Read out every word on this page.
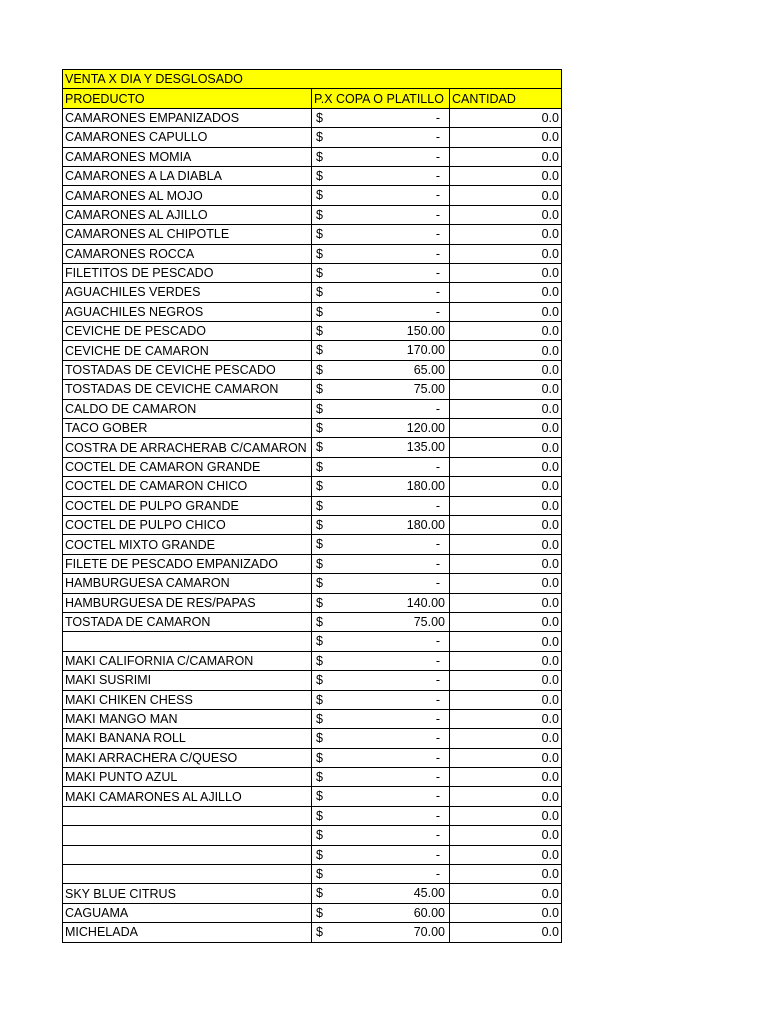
VENTA X DIA Y DESGLOSADO		
PROEDUCTO	P.X COPA O PLATILLO	CANTIDAD
CAMARONES EMPANIZADOS	$ -	0.0
CAMARONES CAPULLO	$ -	0.0
CAMARONES MOMIA	$ -	0.0
CAMARONES A LA DIABLA	$ -	0.0
CAMARONES AL MOJO	$ -	0.0
CAMARONES AL AJILLO	$ -	0.0
CAMARONES AL CHIPOTLE	$ -	0.0
CAMARONES ROCCA	$ -	0.0
FILETITOS DE PESCADO	$ -	0.0
AGUACHILES VERDES	$ -	0.0
AGUACHILES NEGROS	$ -	0.0
CEVICHE DE PESCADO	$ 150.00	0.0
CEVICHE DE CAMARON	$ 170.00	0.0
TOSTADAS DE CEVICHE PESCADO	$ 65.00	0.0
TOSTADAS DE CEVICHE CAMARON	$ 75.00	0.0
CALDO DE CAMARON	$ -	0.0
TACO GOBER	$ 120.00	0.0
COSTRA DE ARRACHERAB C/CAMARON	$ 135.00	0.0
COCTEL DE CAMARON GRANDE	$ -	0.0
COCTEL DE CAMARON CHICO	$ 180.00	0.0
COCTEL DE PULPO GRANDE	$ -	0.0
COCTEL DE PULPO CHICO	$ 180.00	0.0
COCTEL MIXTO GRANDE	$ -	0.0
FILETE DE PESCADO EMPANIZADO	$ -	0.0
HAMBURGUESA CAMARON	$ -	0.0
HAMBURGUESA DE RES/PAPAS	$ 140.00	0.0
TOSTADA DE CAMARON	$ 75.00	0.0

	$ -	0.0
MAKI CALIFORNIA C/CAMARON	$ -	0.0
MAKI SUSRIMI	$ -	0.0
MAKI CHIKEN CHESS	$ -	0.0
MAKI MANGO MAN	$ -	0.0
MAKI BANANA ROLL	$ -	0.0
MAKI ARRACHERA C/QUESO	$ -	0.0
MAKI PUNTO AZUL	$ -	0.0
MAKI CAMARONES AL AJILLO	$ -	0.0

	$ -	0.0

	$ -	0.0

	$ -	0.0

	$ -	0.0
SKY BLUE CITRUS	$ 45.00	0.0
CAGUAMA	$ 60.00	0.0
MICHELADA	$ 70.00	0.0
